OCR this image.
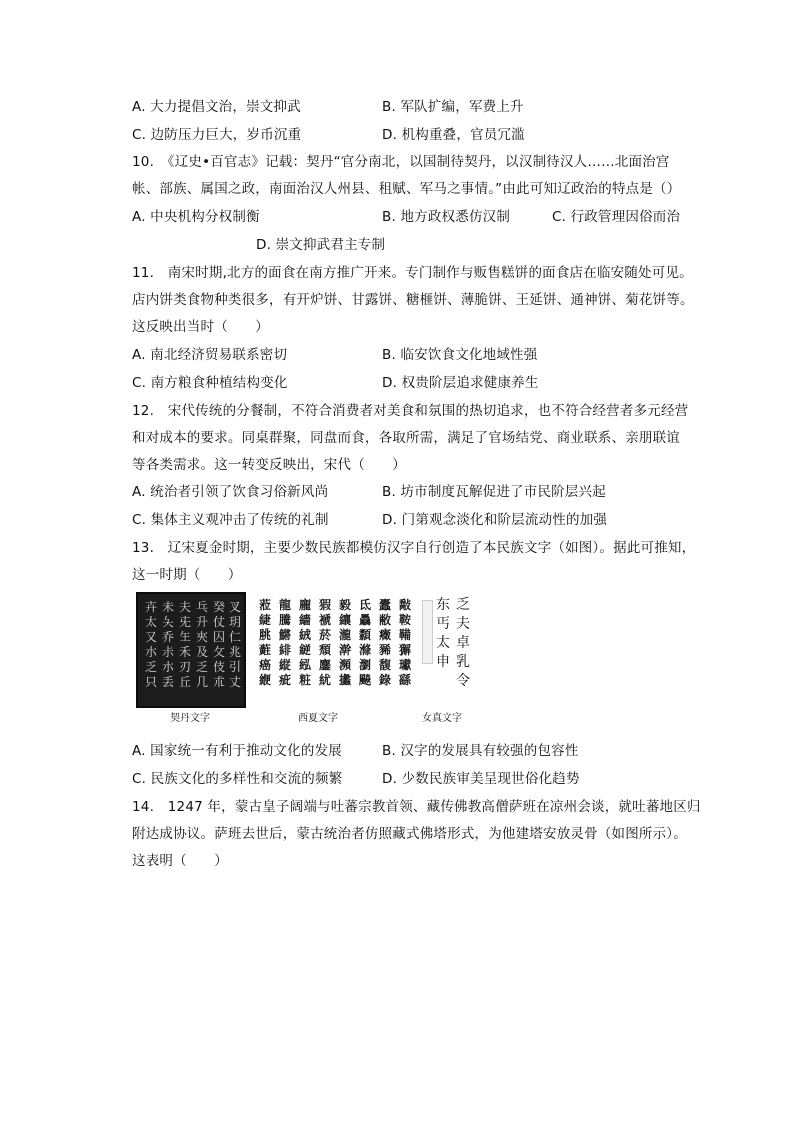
A. 大力提倡文治，崇文抑武	B. 军队扩编，军费上升
C. 边防压力巨大，岁币沉重	D. 机构重叠，官员冗滥
10.　《辽史•百官志》记载：契丹“官分南北，以国制待契丹，以汉制待汉人……北面治宫
帐、部族、属国之政，南面治汉人州县、租赋、军马之事情。”由此可知辽政治的特点是（）
A. 中央机构分权制衡	B. 地方政权悉仿汉制	C. 行政管理因俗而治
D. 崇文抑武君主专制
11.　南宋时期,北方的面食在南方推广开来。专门制作与贩售糕饼的面食店在临安随处可见。
店内饼类食物种类很多，有开炉饼、甘露饼、糖榧饼、薄脆饼、王延饼、通神饼、菊花饼等。
这反映出当时（　　）
A. 南北经济贸易联系密切	B. 临安饮食文化地域性强
C. 南方粮食种植结构变化	D. 权贵阶层追求健康养生
12.　宋代传统的分餐制，不符合消费者对美食和氛围的热切追求，也不符合经营者多元经营
和对成本的要求。同桌群聚，同盘而食，各取所需，满足了官场结党、商业联系、亲朋联谊
等各类需求。这一转变反映出，宋代（　　）
A. 统治者引领了饮食习俗新风尚	B. 坊市制度瓦解促进了市民阶层兴起
C. 集体主义观冲击了传统的礼制	D. 门第观念淡化和阶层流动性的加强
13.　辽宋夏金时期，主要少数民族都模仿汉字自行创造了本民族文字（如图）。据此可推知，
这一时期（　　）
卉
太
又
朩
乏
只
未
夨
乔
尗
朩
丢
夫
兂
玍
禾
刃
丘
乓
升
夾
及
乏
几
癸
仗
囚
攵
伎
朮
叉
玥
仁
兆
引
丈
蒞
緁
脁
蘣
癌
緶
龍
騰
鱂
緋
縦
疵
龐
繬
絨
縌
紭
粧
猳
褫
菸
頹
鏖
紌
毅
纕
瀧
澣
瀕
攭
氐
驫
纇
滌
瀏
飈
蠹
敝
癥
豨
馥
錄
敽
鞍
鞴
獬
瓛
繇
东
丐
太
申
乏
夫
卓
乳
令
契丹文字	西夏文字	女真文字
A. 国家统一有利于推动文化的发展	B. 汉字的发展具有较强的包容性
C. 民族文化的多样性和交流的频繁	D. 少数民族审美呈现世俗化趋势
14.　1247 年，蒙古皇子阔端与吐蕃宗教首领、藏传佛教高僧萨班在凉州会谈，就吐蕃地区归
附达成协议。萨班去世后，蒙古统治者仿照藏式佛塔形式，为他建塔安放灵骨（如图所示）。
这表明（　　）
